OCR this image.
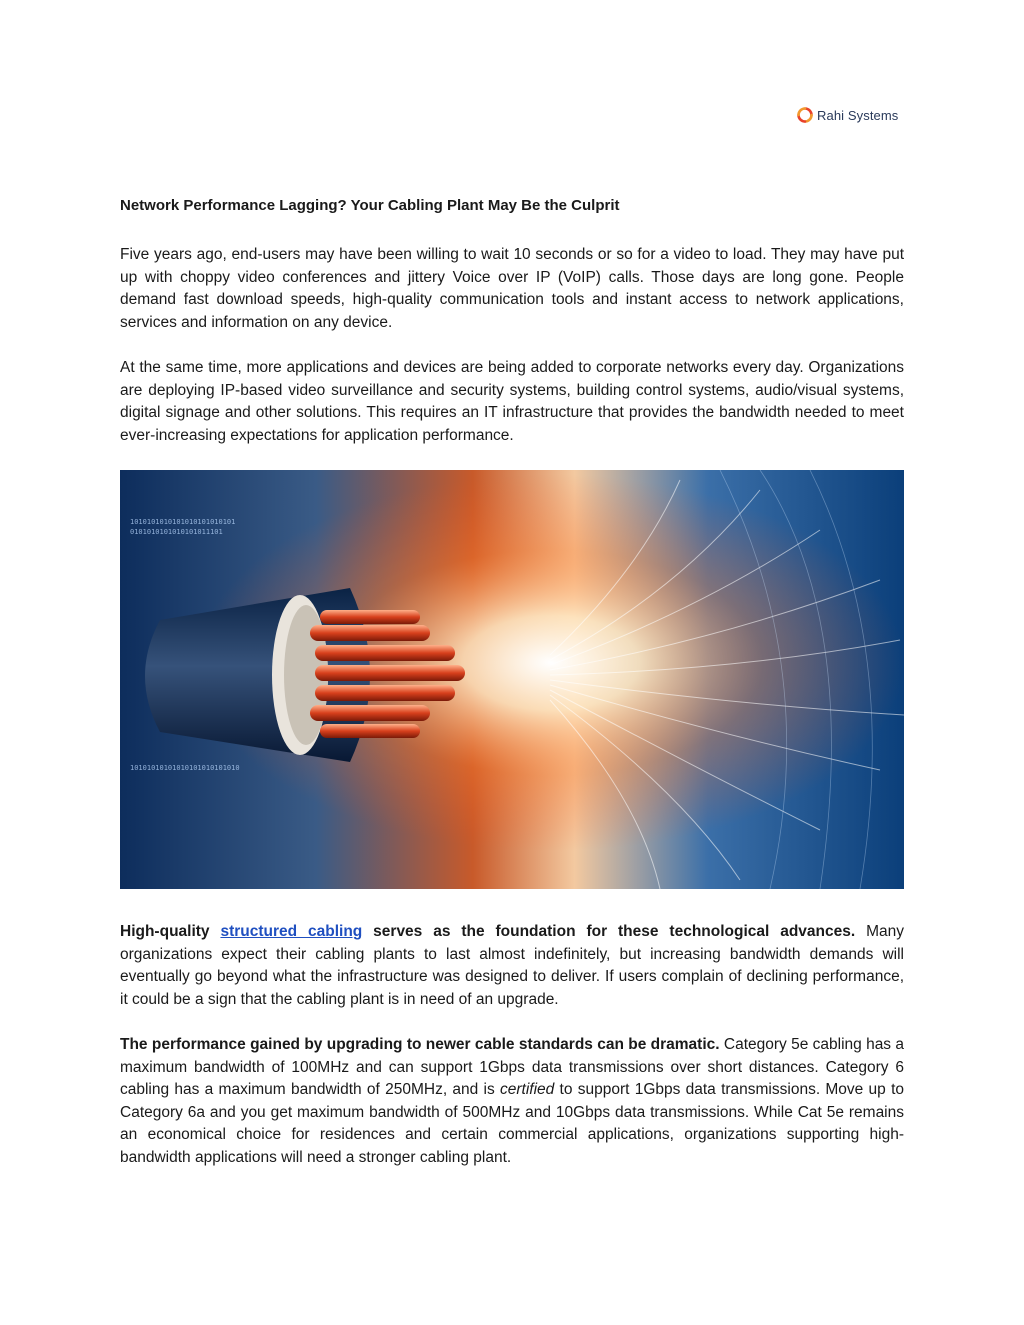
Rahi Systems
Network Performance Lagging? Your Cabling Plant May Be the Culprit

Five years ago, end-users may have been willing to wait 10 seconds or so for a video to load. They may have put up with choppy video conferences and jittery Voice over IP (VoIP) calls. Those days are long gone. People demand fast download speeds, high-quality communication tools and instant access to network applications, services and information on any device.

At the same time, more applications and devices are being added to corporate networks every day. Organizations are deploying IP-based video surveillance and security systems, building control systems, audio/visual systems, digital signage and other solutions. This requires an IT infrastructure that provides the bandwidth needed to meet ever-increasing expectations for application performance.

1010101010101010101010101
0101010101010101011101
10101010101010101010101010

High-quality structured cabling serves as the foundation for these technological advances. Many organizations expect their cabling plants to last almost indefinitely, but increasing bandwidth demands will eventually go beyond what the infrastructure was designed to deliver. If users complain of declining performance, it could be a sign that the cabling plant is in need of an upgrade.

The performance gained by upgrading to newer cable standards can be dramatic. Category 5e cabling has a maximum bandwidth of 100MHz and can support 1Gbps data transmissions over short distances. Category 6 cabling has a maximum bandwidth of 250MHz, and is certified to support 1Gbps data transmissions. Move up to Category 6a and you get maximum bandwidth of 500MHz and 10Gbps data transmissions. While Cat 5e remains an economical choice for residences and certain commercial applications, organizations supporting high-bandwidth applications will need a stronger cabling plant.
